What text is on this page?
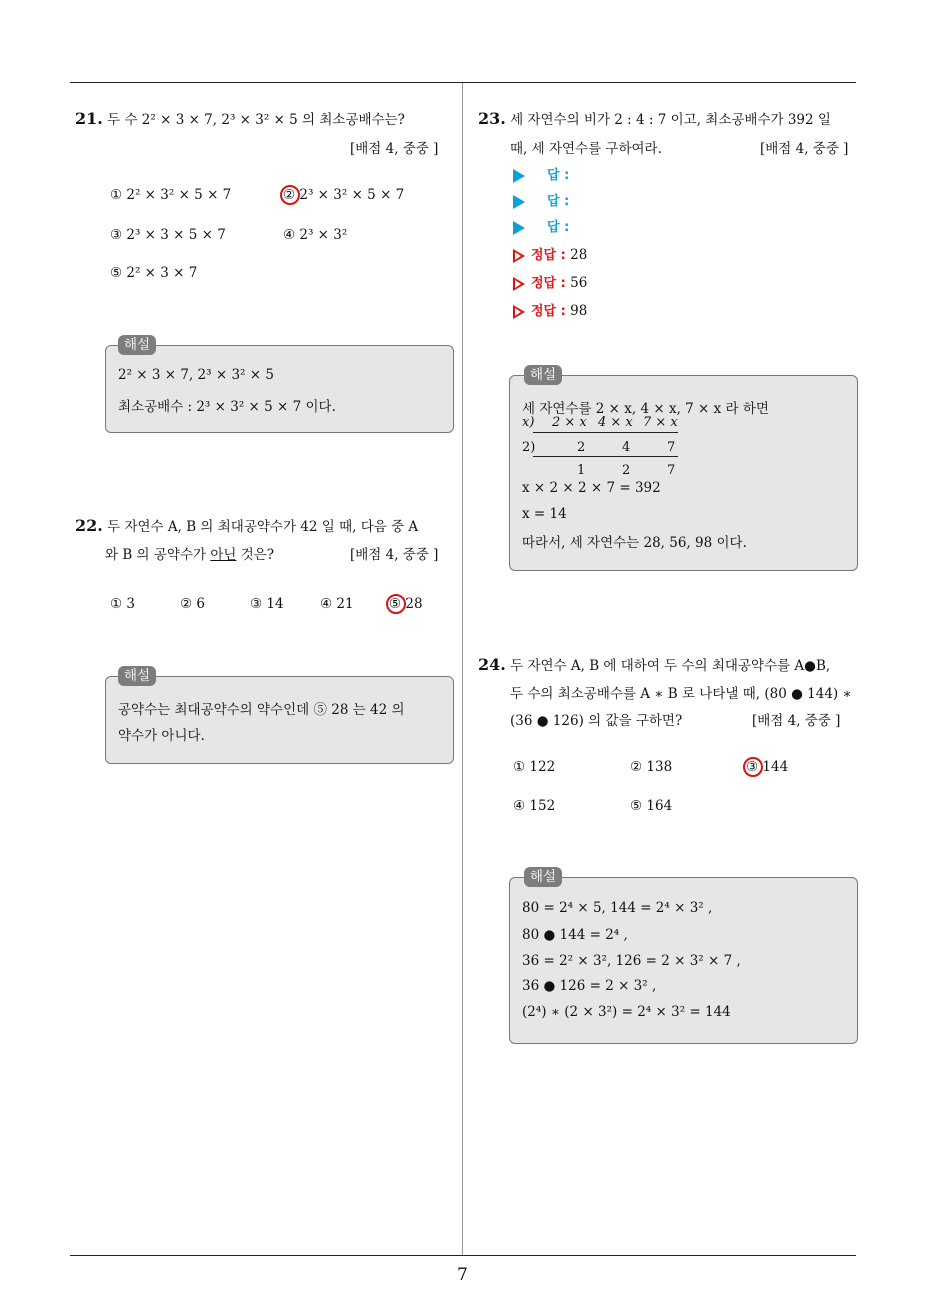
7
21. 두 수 2² × 3 × 7, 2³ × 3² × 5 의 최소공배수는?
[배점 4, 중중 ]
① 2² × 3² × 5 × 7	② 2³ × 3² × 5 × 7
③ 2³ × 3 × 5 × 7	④ 2³ × 3²
⑤ 2² × 3 × 7
해설
2² × 3 × 7, 2³ × 3² × 5
최소공배수 : 2³ × 3² × 5 × 7 이다.
22. 두 자연수 A, B 의 최대공약수가 42 일 때, 다음 중 A
와 B 의 공약수가 아닌 것은?	[배점 4, 중중 ]
① 3	② 6	③ 14	④ 21	⑤ 28
해설
공약수는 최대공약수의 약수인데 ⑤ 28 는 42 의
약수가 아니다.
23. 세 자연수의 비가 2 : 4 : 7 이고, 최소공배수가 392 일
때, 세 자연수를 구하여라.	[배점 4, 중중 ]
답 :
답 :
답 :
정답 : 28
정답 : 56
정답 : 98
해설
세 자연수를 2 × x, 4 × x, 7 × x 라 하면
x) 2 × x 4 × x 7 × x
2)	2	4	7
1	2	7
x × 2 × 2 × 7 = 392
x = 14
따라서, 세 자연수는 28, 56, 98 이다.
24. 두 자연수 A, B 에 대하여 두 수의 최대공약수를 A●B,
두 수의 최소공배수를 A ∗ B 로 나타낼 때, (80 ● 144) ∗
(36 ● 126) 의 값을 구하면?	[배점 4, 중중 ]
① 122	② 138	③ 144
④ 152	⑤ 164
해설
80 = 2⁴ × 5, 144 = 2⁴ × 3² ,
80 ● 144 = 2⁴ ,
36 = 2² × 3², 126 = 2 × 3² × 7 ,
36 ● 126 = 2 × 3² ,
(2⁴) ∗ (2 × 3²) = 2⁴ × 3² = 144
